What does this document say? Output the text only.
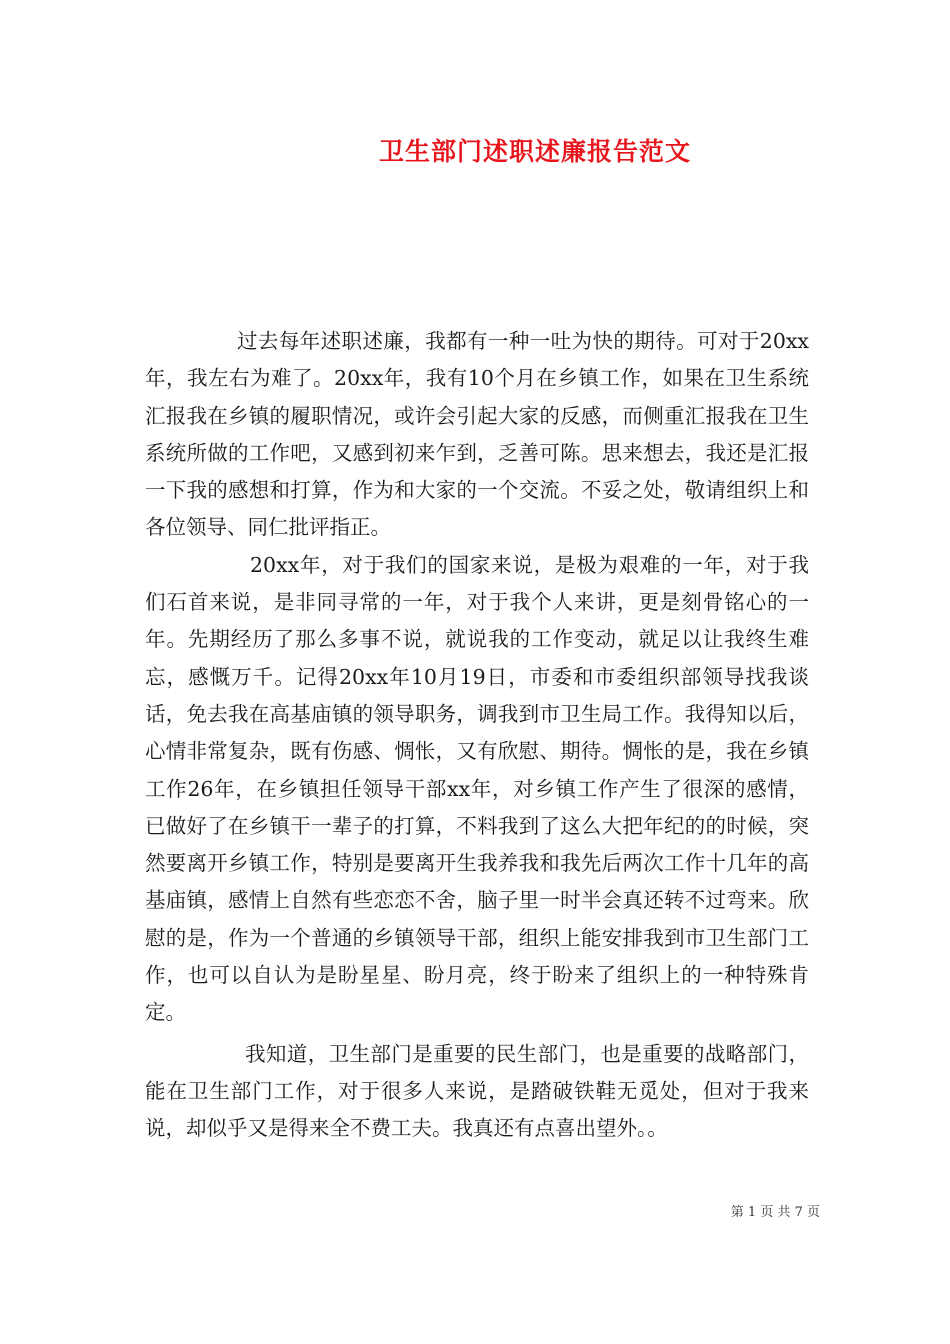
卫生部门述职述廉报告范文

过去每年述职述廉，我都有一种一吐为快的期待。可对于20xx年，我左右为难了。20xx年，我有10个月在乡镇工作，如果在卫生系统汇报我在乡镇的履职情况，或许会引起大家的反感，而侧重汇报我在卫生系统所做的工作吧，又感到初来乍到，乏善可陈。思来想去，我还是汇报一下我的感想和打算，作为和大家的一个交流。不妥之处，敬请组织上和各位领导、同仁批评指正。

20xx年，对于我们的国家来说，是极为艰难的一年，对于我们石首来说，是非同寻常的一年，对于我个人来讲，更是刻骨铭心的一年。先期经历了那么多事不说，就说我的工作变动，就足以让我终生难忘，感慨万千。记得20xx年10月19日，市委和市委组织部领导找我谈话，免去我在高基庙镇的领导职务，调我到市卫生局工作。我得知以后，心情非常复杂，既有伤感、惆怅，又有欣慰、期待。惆怅的是，我在乡镇工作26年，在乡镇担任领导干部xx年，对乡镇工作产生了很深的感情，已做好了在乡镇干一辈子的打算，不料我到了这么大把年纪的的时候，突然要离开乡镇工作，特别是要离开生我养我和我先后两次工作十几年的高基庙镇，感情上自然有些恋恋不舍，脑子里一时半会真还转不过弯来。欣慰的是，作为一个普通的乡镇领导干部，组织上能安排我到市卫生部门工作，也可以自认为是盼星星、盼月亮，终于盼来了组织上的一种特殊肯定。

我知道，卫生部门是重要的民生部门，也是重要的战略部门，能在卫生部门工作，对于很多人来说，是踏破铁鞋无觅处，但对于我来说，却似乎又是得来全不费工夫。我真还有点喜出望外。。

第 1 页 共 7 页
